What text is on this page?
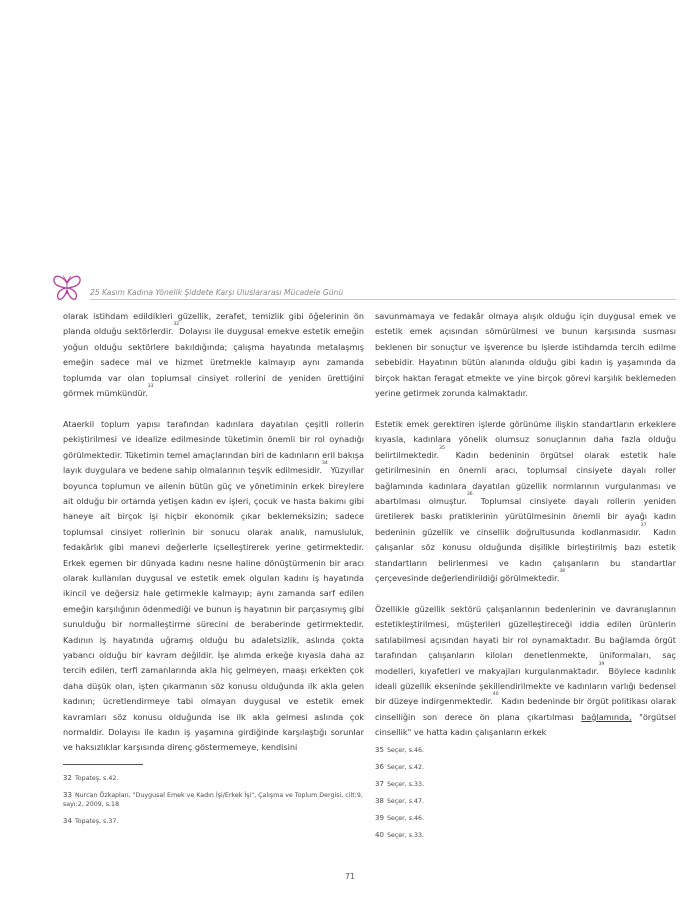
25 Kasım Kadına Yönelik Şiddete Karşı Uluslararası Mücadele Günü

olarak istihdam edildikleri güzellik, zerafet, temizlik gibi öğelerinin ön planda olduğu sektörlerdir.$^{32}$Dolayısı ile duygusal emekve estetik emeğin yoğun olduğu sektörlere bakıldığında; çalışma hayatında metalaşmış emeğin sadece mal ve hizmet üretmekle kalmayıp aynı zamanda toplumda var olan toplumsal cinsiyet rollerini de yeniden ürettiğini görmek mümkündür.$^{33}$

Ataerkil toplum yapısı tarafından kadınlara dayatılan çeşitli rollerin pekiştirilmesi ve idealize edilmesinde tüketimin önemli bir rol oynadığı görülmektedir. Tüketimin temel amaçlarından biri de kadınların eril bakışa layık duygulara ve bedene sahip olmalarının teşvik edilmesidir.$^{34}$ Yüzyıllar boyunca toplumun ve ailenin bütün güç ve yönetiminin erkek bireylere ait olduğu bir ortamda yetişen kadın ev işleri, çocuk ve hasta bakımı gibi haneye ait birçok işi hiçbir ekonomik çıkar beklemeksizin; sadece toplumsal cinsiyet rollerinin bir sonucu olarak analık, namusluluk, fedakârlık gibi manevi değerlerle içselleştirerek yerine getirmektedir. Erkek egemen bir dünyada kadını nesne haline dönüştürmenin bir aracı olarak kullanılan duygusal ve estetik emek olguları kadını iş hayatında ikincil ve değersiz hale getirmekle kalmayıp; aynı zamanda sarf edilen emeğin karşılığının ödenmediği ve bunun iş hayatının bir parçasıymış gibi sunulduğu bir normalleştirme sürecini de beraberinde getirmektedir. Kadının iş hayatında uğramış olduğu bu adaletsizlik, aslında çokta yabancı olduğu bir kavram değildir. İşe alımda erkeğe kıyasla daha az tercih edilen, terfi zamanlarında akla hiç gelmeyen, maaşı erkekten çok daha düşük olan, işten çıkarmanın söz konusu olduğunda ilk akla gelen kadının; ücretlendirmeye tabi olmayan duygusal ve estetik emek kavramları söz konusu olduğunda ise ilk akla gelmesi aslında çok normaldir. Dolayısı ile kadın iş yaşamına girdiğinde karşılaştığı sorunlar ve haksızlıklar karşısında direnç göstermemeye, kendisini

savunmamaya ve fedakâr olmaya alışık olduğu için duygusal emek ve estetik emek açısından sömürülmesi ve bunun karşısında susması beklenen bir sonuçtur ve işverence bu işlerde istihdamda tercih edilme sebebidir. Hayatının bütün alanında olduğu gibi kadın iş yaşamında da birçok haktan feragat etmekte ve yine birçok görevi karşılık beklemeden yerine getirmek zorunda kalmaktadır.

Estetik emek gerektiren işlerde görünüme ilişkin standartların erkeklere kıyasla, kadınlara yönelik olumsuz sonuçlarının daha fazla olduğu belirtilmektedir.$^{35}$ Kadın bedeninin örgütsel olarak estetik hale getirilmesinin en önemli aracı, toplumsal cinsiyete dayalı roller bağlamında kadınlara dayatılan güzellik normlarının vurgulanması ve abartılması olmuştur.$^{36}$ Toplumsal cinsiyete dayalı rollerin yeniden üretilerek baskı pratiklerinin yürütülmesinin önemli bir ayağı kadın bedeninin güzellik ve cinsellik doğrultusunda kodlanmasıdır.$^{37}$ Kadın çalışanlar söz konusu olduğunda dişilikle birleştirilmiş bazı estetik standartların belirlenmesi ve kadın çalışanların bu standartlar çerçevesinde değerlendirildiği görülmektedir.$^{38}$

Özellikle güzellik sektörü çalışanlarının bedenlerinin ve davranışlarının estetikleştirilmesi, müşterileri güzelleştireceği iddia edilen ürünlerin satılabilmesi açısından hayati bir rol oynamaktadır. Bu bağlamda örgüt tarafından çalışanların kiloları denetlenmekte, üniformaları, saç modelleri, kıyafetleri ve makyajları kurgulanmaktadır.$^{39}$ Böylece kadınlık ideali güzellik ekseninde şekillendirilmekte ve kadınların varlığı bedensel bir düzeye indirgenmektedir.$^{40}$ Kadın bedeninde bir örgüt politikası olarak cinselliğin son derece ön plana çıkartılması bağlamında, "örgütsel cinsellik" ve hatta kadın çalışanların erkek

32 Topateş, s.42.
33 Nurcan Özkaplan, "Duygusal Emek ve Kadın İşi/Erkek İşi", Çalışma ve Toplum Dergisi, cilt:9, sayı:2, 2009, s.18
34 Topateş, s.37.
35 Seçer, s.46.
36 Seçer, s.42.
37 Seçer, s.33.
38 Seçer, s.47.
39 Seçer, s.46.
40 Seçer, s.33.
71
